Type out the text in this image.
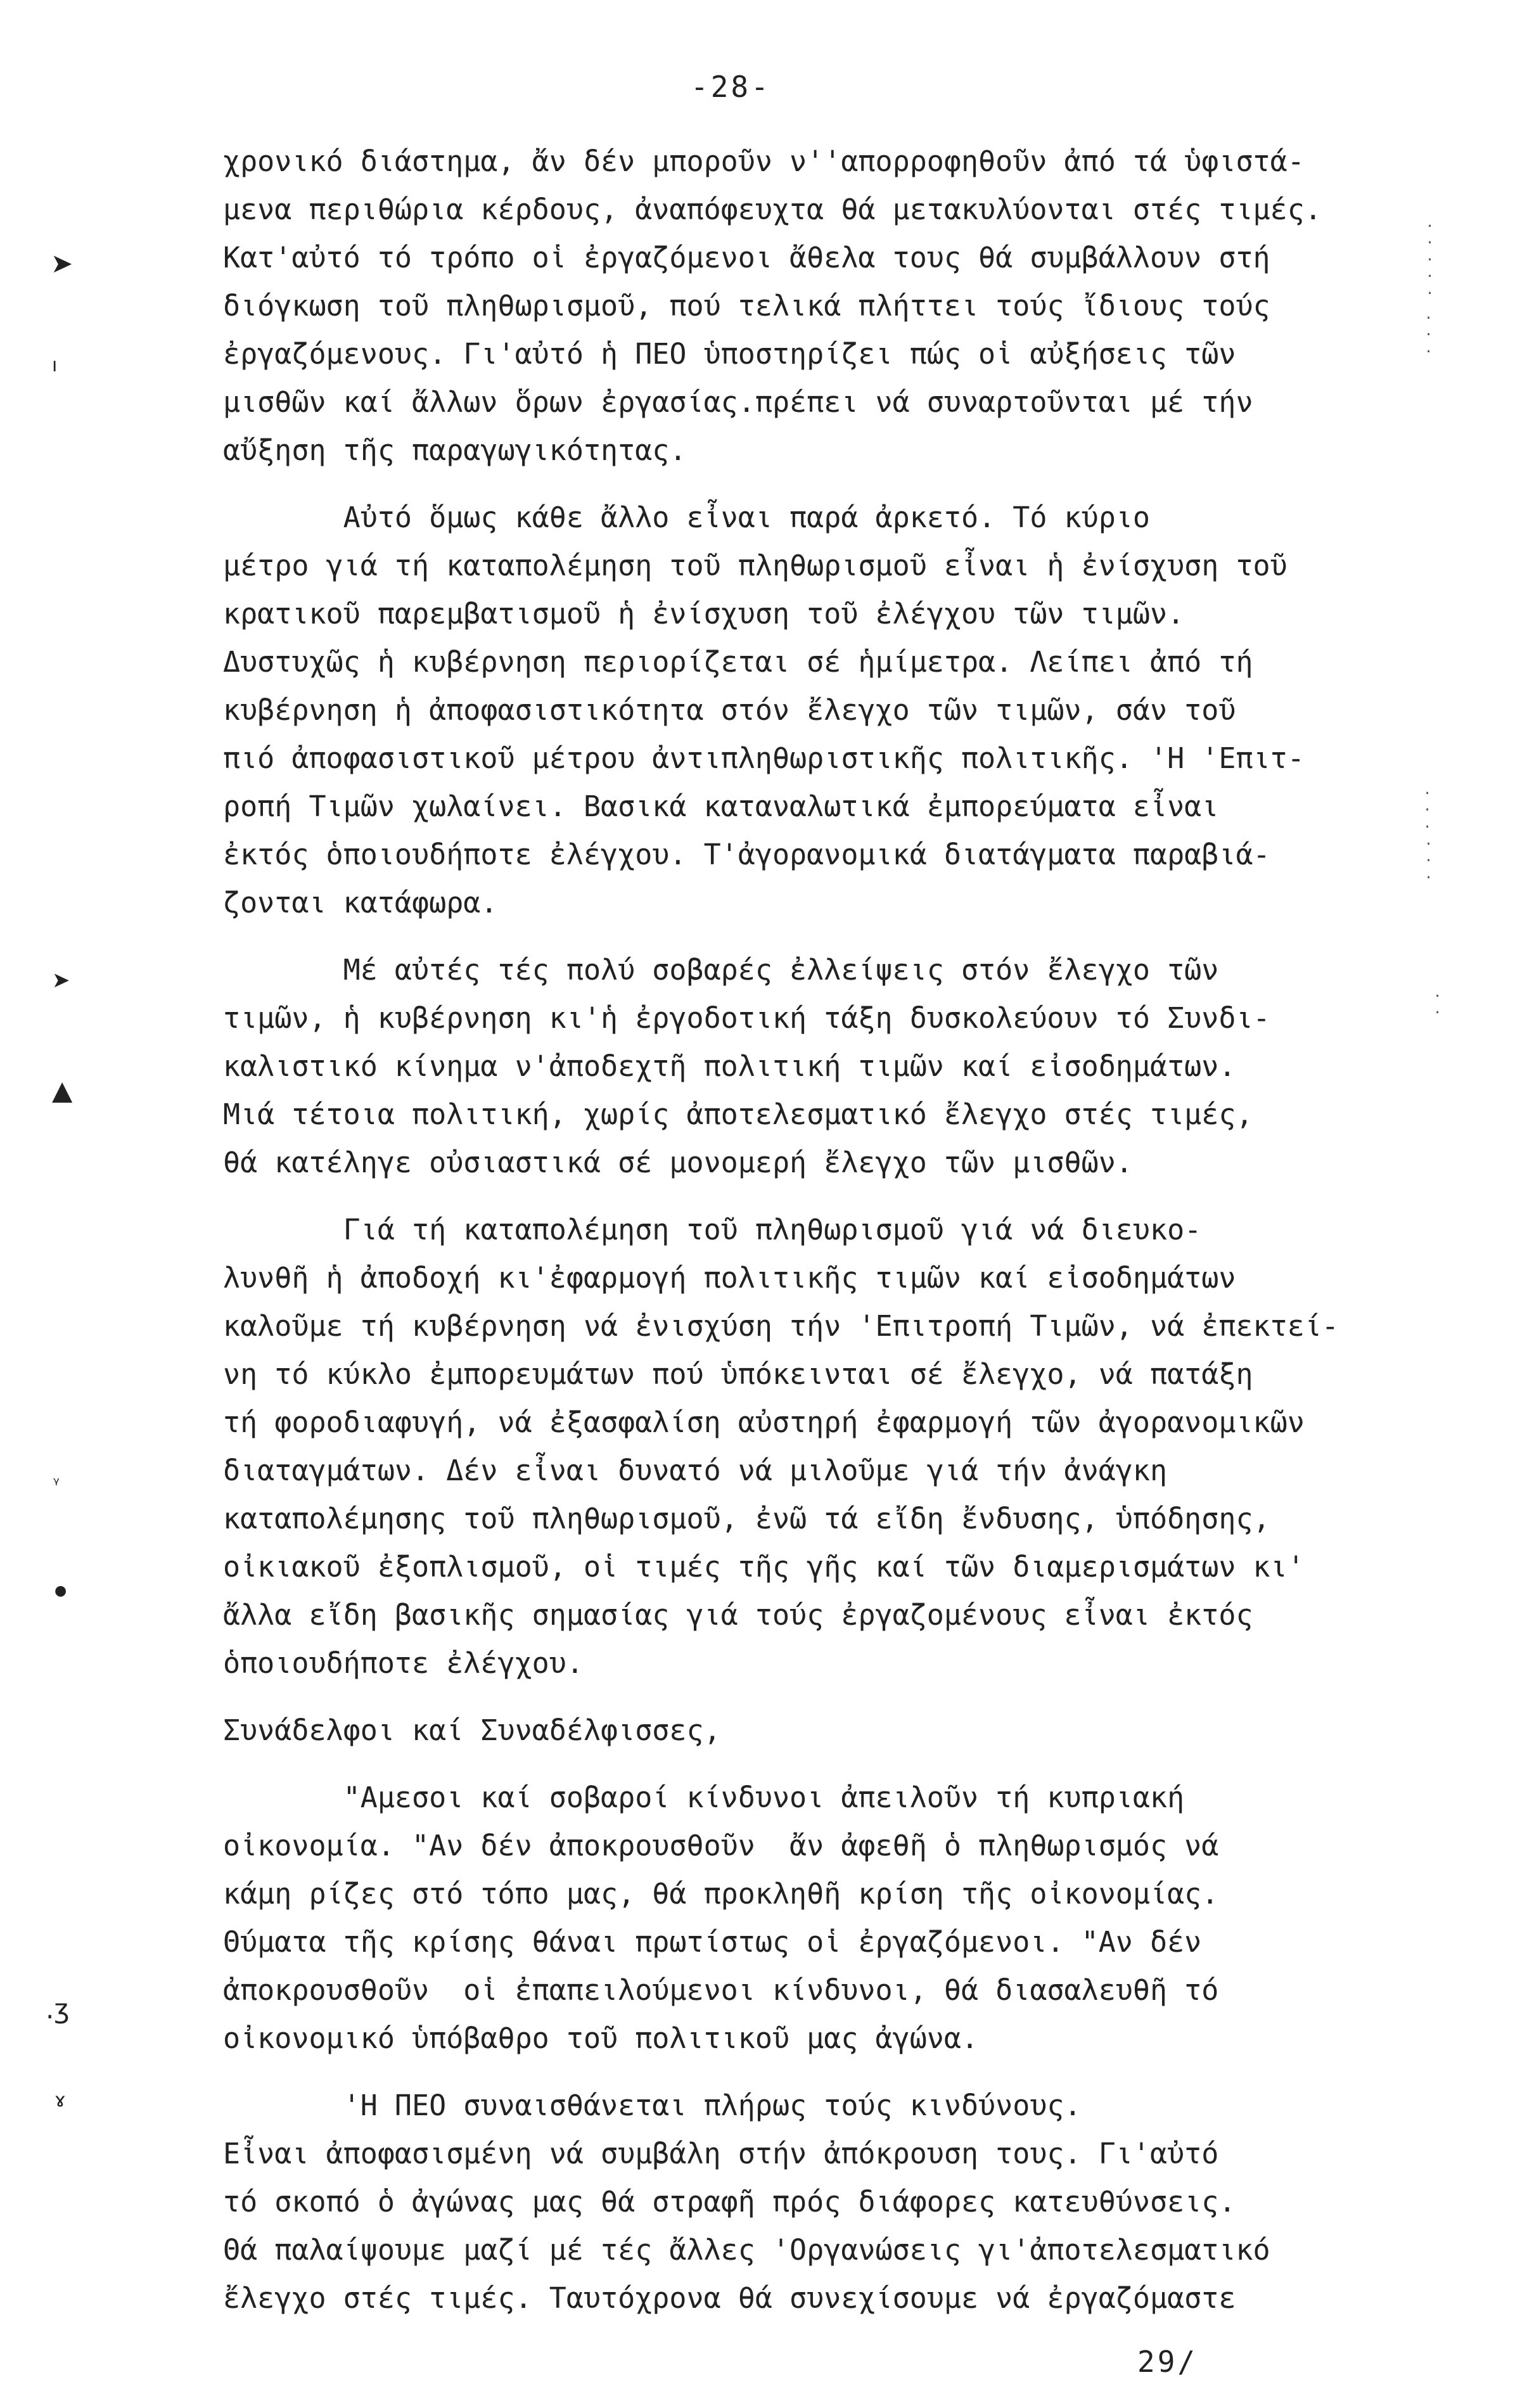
-28-
χρονικό διάστημα, ἄν δέν μποροῦν ν''απορροφηθοῦν ἀπό τά ὑφιστά-
μενα περιθώρια κέρδους, ἀναπόφευχτα θά μετακυλύονται στές τιμές.
Κατ'αὐτό τό τρόπο οἱ ἐργαζόμενοι ἄθελα τους θά συμβάλλουν στή
διόγκωση τοῦ πληθωρισμοῦ, πού τελικά πλήττει τούς ἴδιους τούς
ἐργαζόμενους. Γι'αὐτό ἡ ΠΕΟ ὑποστηρίζει πώς οἱ αὐξήσεις τῶν
μισθῶν καί ἄλλων ὅρων ἐργασίας.πρέπει νά συναρτοῦνται μέ τήν
αὔξηση τῆς παραγωγικότητας.
Αὐτό ὅμως κάθε ἄλλο εἶναι παρά ἀρκετό. Τό κύριο
μέτρο γιά τή καταπολέμηση τοῦ πληθωρισμοῦ εἶναι ἡ ἐνίσχυση τοῦ
κρατικοῦ παρεμβατισμοῦ ἡ ἐνίσχυση τοῦ ἐλέγχου τῶν τιμῶν.
Δυστυχῶς ἡ κυβέρνηση περιορίζεται σέ ἡμίμετρα. Λείπει ἀπό τή
κυβέρνηση ἡ ἀποφασιστικότητα στόν ἔλεγχο τῶν τιμῶν, σάν τοῦ
πιό ἀποφασιστικοῦ μέτρου ἀντιπληθωριστικῆς πολιτικῆς. 'Η 'Επιτ-
ροπή Τιμῶν χωλαίνει. Βασικά καταναλωτικά ἐμπορεύματα εἶναι
ἐκτός ὁποιουδήποτε ἐλέγχου. Τ'ἀγορανομικά διατάγματα παραβιά-
ζονται κατάφωρα.
Μέ αὐτές τές πολύ σοβαρές ἐλλείψεις στόν ἔλεγχο τῶν
τιμῶν, ἡ κυβέρνηση κι'ἡ ἐργοδοτική τάξη δυσκολεύουν τό Συνδι-
καλιστικό κίνημα ν'ἀποδεχτῆ πολιτική τιμῶν καί εἰσοδημάτων.
Μιά τέτοια πολιτική, χωρίς ἀποτελεσματικό ἔλεγχο στές τιμές,
θά κατέληγε οὐσιαστικά σέ μονομερή ἔλεγχο τῶν μισθῶν.
Γιά τή καταπολέμηση τοῦ πληθωρισμοῦ γιά νά διευκο-
λυνθῆ ἡ ἀποδοχή κι'ἐφαρμογή πολιτικῆς τιμῶν καί εἰσοδημάτων
καλοῦμε τή κυβέρνηση νά ἐνισχύση τήν 'Επιτροπή Τιμῶν, νά ἐπεκτεί-
νη τό κύκλο ἐμπορευμάτων πού ὑπόκεινται σέ ἔλεγχο, νά πατάξη
τή φοροδιαφυγή, νά ἐξασφαλίση αὐστηρή ἐφαρμογή τῶν ἀγορανομικῶν
διαταγμάτων. Δέν εἶναι δυνατό νά μιλοῦμε γιά τήν ἀνάγκη
καταπολέμησης τοῦ πληθωρισμοῦ, ἐνῶ τά εἴδη ἔνδυσης, ὑπόδησης,
οἰκιακοῦ ἐξοπλισμοῦ, οἱ τιμές τῆς γῆς καί τῶν διαμερισμάτων κι'
ἄλλα εἴδη βασικῆς σημασίας γιά τούς ἐργαζομένους εἶναι ἐκτός
ὁποιουδήποτε ἐλέγχου.
Συνάδελφοι καί Συναδέλφισσες,
"Αμεσοι καί σοβαροί κίνδυνοι ἀπειλοῦν τή κυπριακή
οἰκονομία. "Αν δέν ἀποκρουσθοῦν  ἄν ἀφεθῆ ὁ πληθωρισμός νά
κάμη ρίζες στό τόπο μας, θά προκληθῆ κρίση τῆς οἰκονομίας.
Θύματα τῆς κρίσης θάναι πρωτίστως οἱ ἐργαζόμενοι. "Αν δέν
ἀποκρουσθοῦν  οἱ ἐπαπειλούμενοι κίνδυνοι, θά διασαλευθῆ τό
οἰκονομικό ὑπόβαθρο τοῦ πολιτικοῦ μας ἀγώνα.
'Η ΠΕΟ συναισθάνεται πλήρως τούς κινδύνους.
Εἶναι ἀποφασισμένη νά συμβάλη στήν ἀπόκρουση τους. Γι'αὐτό
τό σκοπό ὁ ἀγώνας μας θά στραφῆ πρός διάφορες κατευθύνσεις.
Θά παλαίψουμε μαζί μέ τές ἄλλες 'Οργανώσεις γι'ἀποτελεσματικό
ἔλεγχο στές τιμές. Ταυτόχρονα θά συνεχίσουμε νά ἐργαζόμαστε
29/
➤
ı
➤
▲
ᵧ
●
.ʒ
ɤ
·
·
·
·
·
·
·
·
·
·
·
·
·
·
·
·
